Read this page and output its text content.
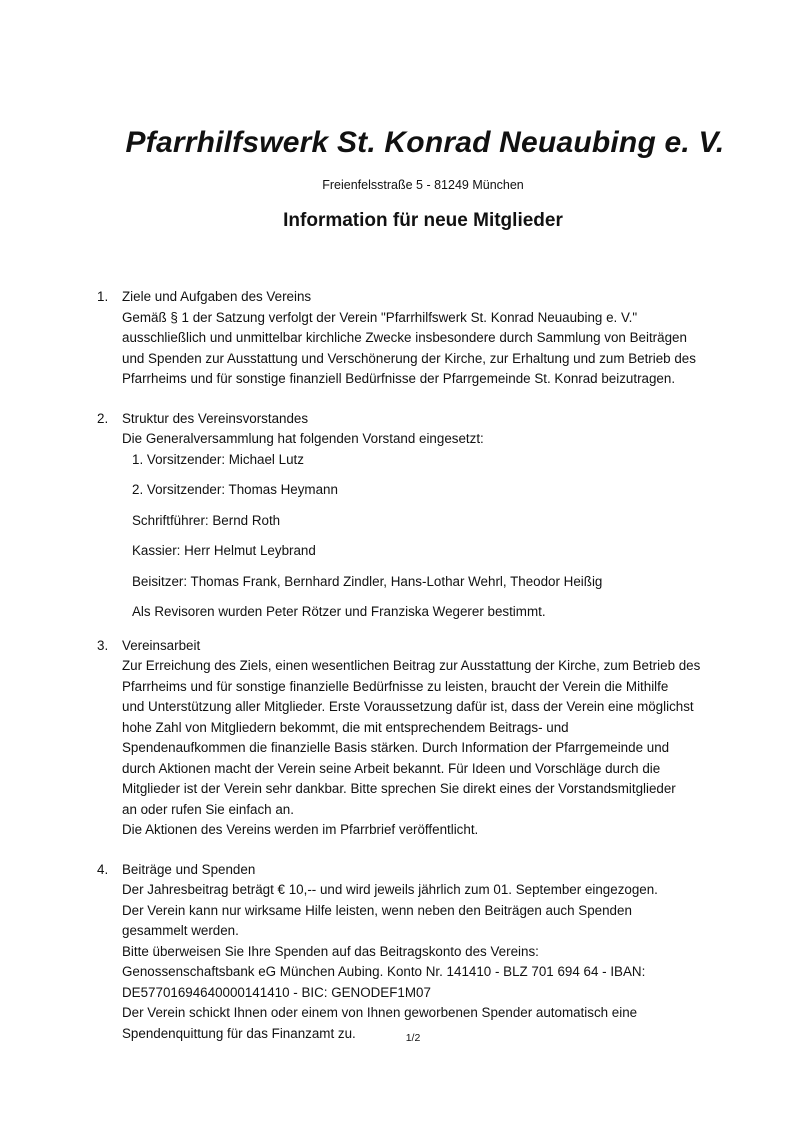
Pfarrhilfswerk St. Konrad Neuaubing e. V.
Freienfelsstraße 5 - 81249 München
Information für neue Mitglieder
1. Ziele und Aufgaben des Vereins
Gemäß § 1 der Satzung verfolgt der Verein "Pfarrhilfswerk St. Konrad Neuaubing e. V."
ausschließlich und unmittelbar kirchliche Zwecke insbesondere durch Sammlung von Beiträgen
und Spenden zur Ausstattung und Verschönerung der Kirche, zur Erhaltung und zum Betrieb des
Pfarrheims und für sonstige finanziell Bedürfnisse der Pfarrgemeinde St. Konrad beizutragen.
2. Struktur des Vereinsvorstandes
Die Generalversammlung hat folgenden Vorstand eingesetzt:
1. Vorsitzender: Michael Lutz
2. Vorsitzender: Thomas Heymann
Schriftführer: Bernd Roth
Kassier: Herr Helmut Leybrand
Beisitzer: Thomas Frank, Bernhard Zindler, Hans-Lothar Wehrl, Theodor Heißig
Als Revisoren wurden Peter Rötzer und Franziska Wegerer bestimmt.
3. Vereinsarbeit
Zur Erreichung des Ziels, einen wesentlichen Beitrag zur Ausstattung der Kirche, zum Betrieb des
Pfarrheims und für sonstige finanzielle Bedürfnisse zu leisten, braucht der Verein die Mithilfe
und Unterstützung aller Mitglieder. Erste Voraussetzung dafür ist, dass der Verein eine möglichst
hohe Zahl von Mitgliedern bekommt, die mit entsprechendem Beitrags- und
Spendenaufkommen die finanzielle Basis stärken. Durch Information der Pfarrgemeinde und
durch Aktionen macht der Verein seine Arbeit bekannt. Für Ideen und Vorschläge durch die
Mitglieder ist der Verein sehr dankbar. Bitte sprechen Sie direkt eines der Vorstandsmitglieder
an oder rufen Sie einfach an.
Die Aktionen des Vereins werden im Pfarrbrief veröffentlicht.
4. Beiträge und Spenden
Der Jahresbeitrag beträgt € 10,-- und wird jeweils jährlich zum 01. September eingezogen.
Der Verein kann nur wirksame Hilfe leisten, wenn neben den Beiträgen auch Spenden
gesammelt werden.
Bitte überweisen Sie Ihre Spenden auf das Beitragskonto des Vereins:
Genossenschaftsbank eG München Aubing. Konto Nr. 141410 - BLZ 701 694 64 - IBAN:
DE57701694640000141410 - BIC: GENODEF1M07
Der Verein schickt Ihnen oder einem von Ihnen geworbenen Spender automatisch eine
Spendenquittung für das Finanzamt zu.	1/2
